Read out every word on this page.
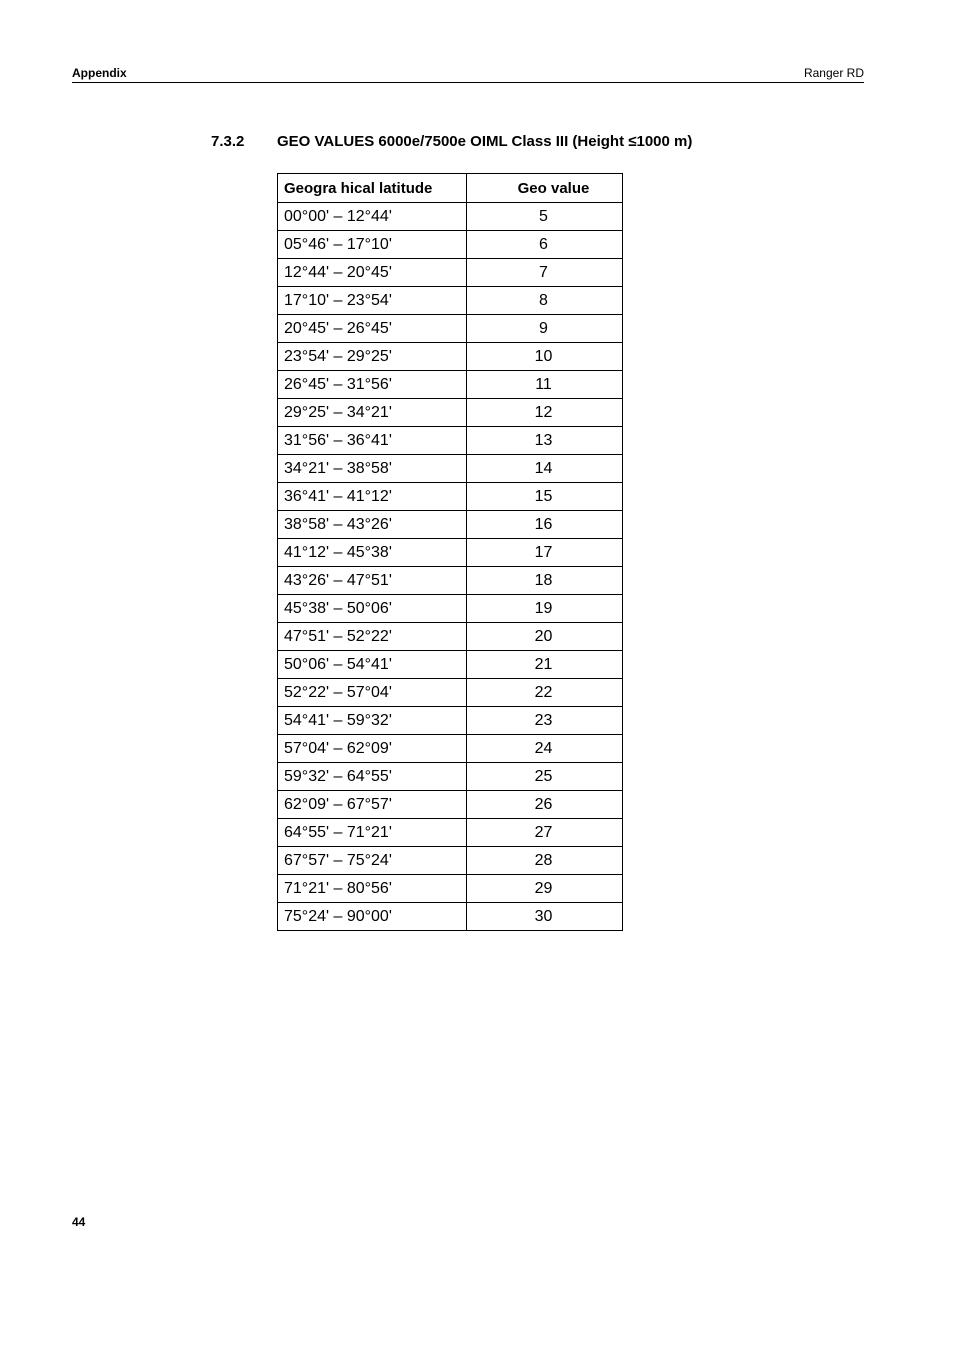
Appendix	Ranger RD
7.3.2 GEO VALUES 6000e/7500e OIML Class III (Height ≤1000 m)
Geogra hical latitude	Geo value
00°00' – 12°44'	5
05°46' – 17°10'	6
12°44' – 20°45'	7
17°10' – 23°54'	8
20°45' – 26°45'	9
23°54' – 29°25'	10
26°45' – 31°56'	11
29°25' – 34°21'	12
31°56' – 36°41'	13
34°21' – 38°58'	14
36°41' – 41°12'	15
38°58' – 43°26'	16
41°12' – 45°38'	17
43°26' – 47°51'	18
45°38' – 50°06'	19
47°51' – 52°22'	20
50°06' – 54°41'	21
52°22' – 57°04'	22
54°41' – 59°32'	23
57°04' – 62°09'	24
59°32' – 64°55'	25
62°09' – 67°57'	26
64°55' – 71°21'	27
67°57' – 75°24'	28
71°21' – 80°56'	29
75°24' – 90°00'	30
44
